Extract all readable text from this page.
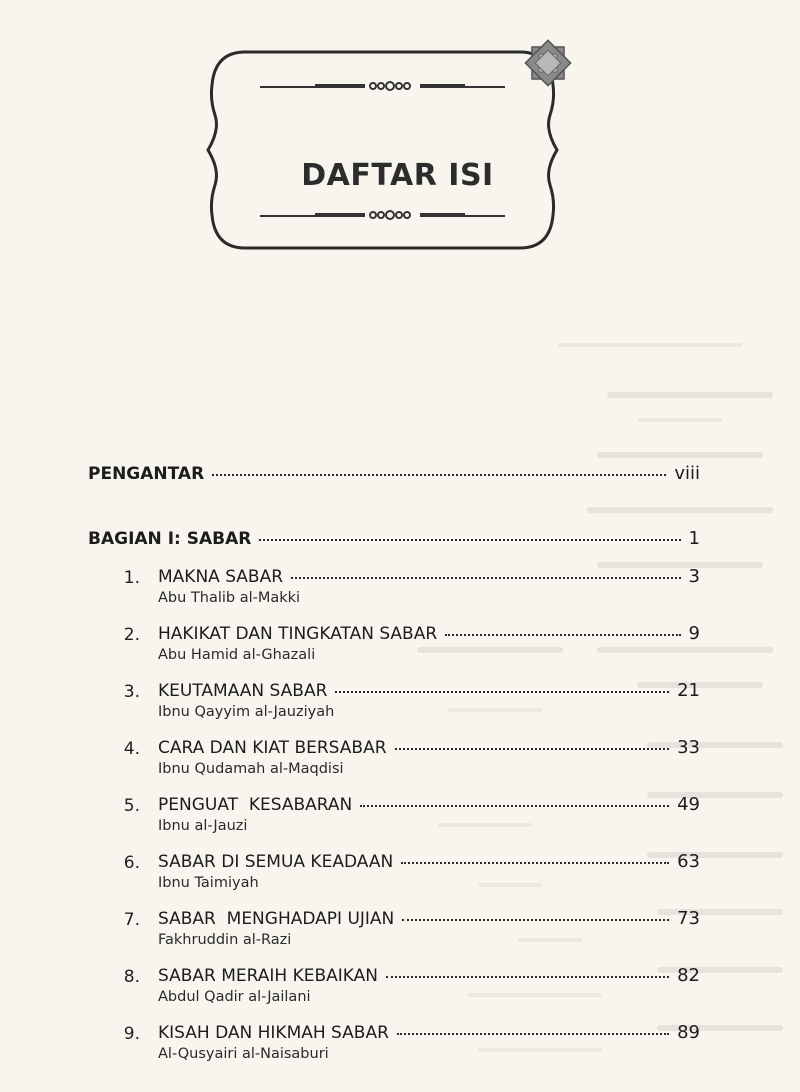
DAFTAR ISI
PENGANTAR	viii
BAGIAN I: SABAR	1
1. MAKNA SABAR	3
Abu Thalib al-Makki
2. HAKIKAT DAN TINGKATAN SABAR	9
Abu Hamid al-Ghazali
3. KEUTAMAAN SABAR	21
Ibnu Qayyim al-Jauziyah
4. CARA DAN KIAT BERSABAR	33
Ibnu Qudamah al-Maqdisi
5. PENGUAT  KESABARAN	49
Ibnu al-Jauzi
6. SABAR DI SEMUA KEADAAN	63
Ibnu Taimiyah
7. SABAR  MENGHADAPI UJIAN	73
Fakhruddin al-Razi
8. SABAR MERAIH KEBAIKAN	82
Abdul Qadir al-Jailani
9. KISAH DAN HIKMAH SABAR	89
Al-Qusyairi al-Naisaburi
